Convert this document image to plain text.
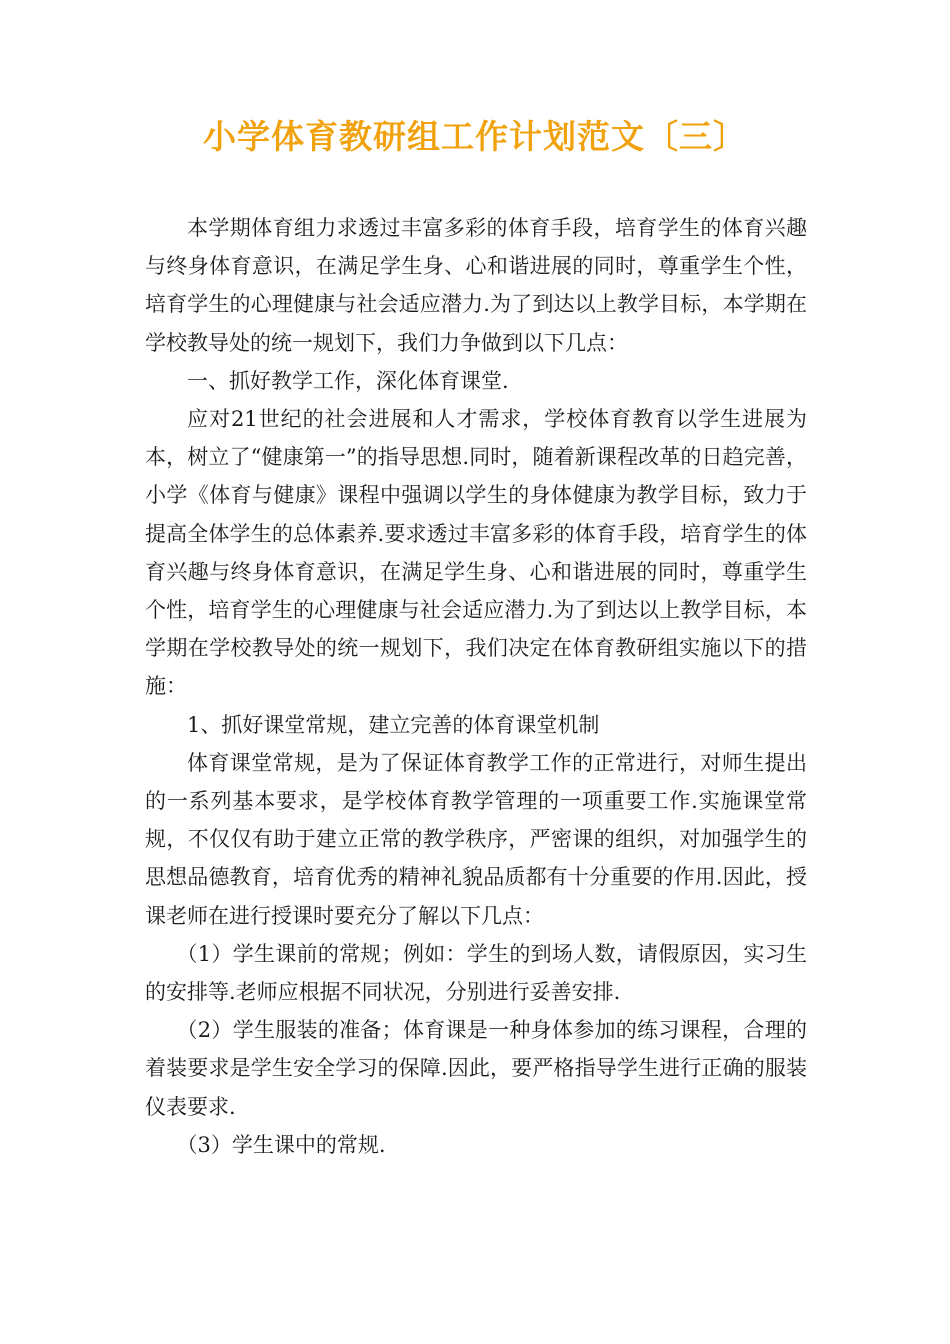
小学体育教研组工作计划范文〔三〕

本学期体育组力求透过丰富多彩的体育手段，培育学生的体育兴趣与终身体育意识，在满足学生身、心和谐进展的同时，尊重学生个性，培育学生的心理健康与社会适应潜力.为了到达以上教学目标，本学期在学校教导处的统一规划下，我们力争做到以下几点：

一、抓好教学工作，深化体育课堂.

应对21世纪的社会进展和人才需求，学校体育教育以学生进展为本，树立了“健康第一”的指导思想.同时，随着新课程改革的日趋完善，小学《体育与健康》课程中强调以学生的身体健康为教学目标，致力于提高全体学生的总体素养.要求透过丰富多彩的体育手段，培育学生的体育兴趣与终身体育意识，在满足学生身、心和谐进展的同时，尊重学生个性，培育学生的心理健康与社会适应潜力.为了到达以上教学目标，本学期在学校教导处的统一规划下，我们决定在体育教研组实施以下的措施：

1、抓好课堂常规，建立完善的体育课堂机制

体育课堂常规，是为了保证体育教学工作的正常进行，对师生提出的一系列基本要求，是学校体育教学管理的一项重要工作.实施课堂常规，不仅仅有助于建立正常的教学秩序，严密课的组织，对加强学生的思想品德教育，培育优秀的精神礼貌品质都有十分重要的作用.因此，授课老师在进行授课时要充分了解以下几点：

（1）学生课前的常规；例如：学生的到场人数，请假原因，实习生的安排等.老师应根据不同状况，分别进行妥善安排.

（2）学生服装的准备；体育课是一种身体参加的练习课程，合理的着装要求是学生安全学习的保障.因此，要严格指导学生进行正确的服装仪表要求.

（3）学生课中的常规.
